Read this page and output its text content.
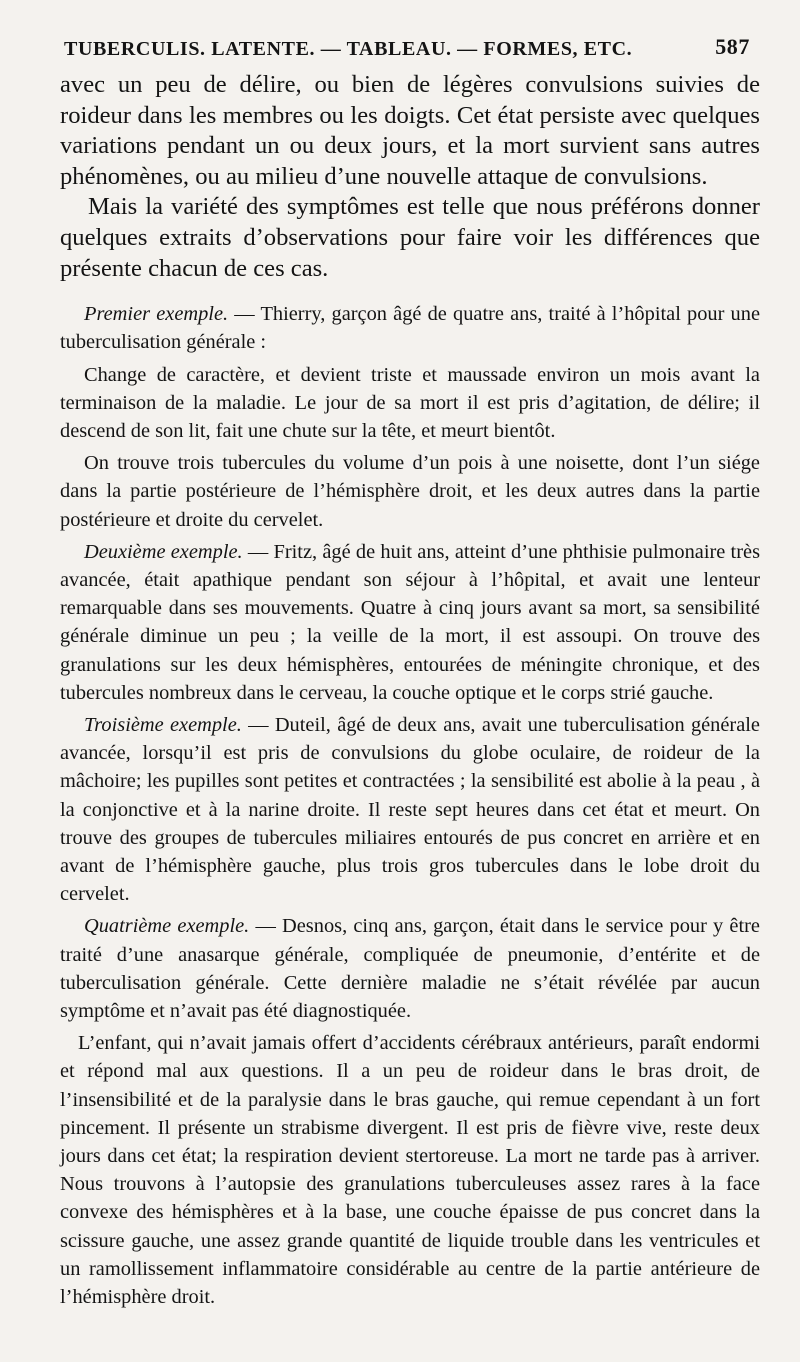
TUBERCULIS. LATENTE. — TABLEAU. — FORMES, ETC.	587

avec un peu de délire, ou bien de légères convulsions suivies de roideur dans les membres ou les doigts. Cet état persiste avec quelques variations pendant un ou deux jours, et la mort survient sans autres phénomènes, ou au milieu d’une nouvelle attaque de convulsions.

Mais la variété des symptômes est telle que nous préférons donner quelques extraits d’observations pour faire voir les différences que présente chacun de ces cas.

Premier exemple. — Thierry, garçon âgé de quatre ans, traité à l’hôpital pour une tuberculisation générale :

Change de caractère, et devient triste et maussade environ un mois avant la terminaison de la maladie. Le jour de sa mort il est pris d’agitation, de délire; il descend de son lit, fait une chute sur la tête, et meurt bientôt.

On trouve trois tubercules du volume d’un pois à une noisette, dont l’un siége dans la partie postérieure de l’hémisphère droit, et les deux autres dans la partie postérieure et droite du cervelet.

Deuxième exemple. — Fritz, âgé de huit ans, atteint d’une phthisie pulmonaire très avancée, était apathique pendant son séjour à l’hôpital, et avait une lenteur remarquable dans ses mouvements. Quatre à cinq jours avant sa mort, sa sensibilité générale diminue un peu ; la veille de la mort, il est assoupi. On trouve des granulations sur les deux hémisphères, entourées de méningite chronique, et des tubercules nombreux dans le cerveau, la couche optique et le corps strié gauche.

Troisième exemple. — Duteil, âgé de deux ans, avait une tuberculisation générale avancée, lorsqu’il est pris de convulsions du globe oculaire, de roideur de la mâchoire; les pupilles sont petites et contractées ; la sensibilité est abolie à la peau , à la conjonctive et à la narine droite. Il reste sept heures dans cet état et meurt. On trouve des groupes de tubercules miliaires entourés de pus concret en arrière et en avant de l’hémisphère gauche, plus trois gros tubercules dans le lobe droit du cervelet.

Quatrième exemple. — Desnos, cinq ans, garçon, était dans le service pour y être traité d’une anasarque générale, compliquée de pneumonie, d’entérite et de tuberculisation générale. Cette dernière maladie ne s’était révélée par aucun symptôme et n’avait pas été diagnostiquée.

L’enfant, qui n’avait jamais offert d’accidents cérébraux antérieurs, paraît endormi et répond mal aux questions. Il a un peu de roideur dans le bras droit, de l’insensibilité et de la paralysie dans le bras gauche, qui remue cependant à un fort pincement. Il présente un strabisme divergent. Il est pris de fièvre vive, reste deux jours dans cet état; la respiration devient stertoreuse. La mort ne tarde pas à arriver. Nous trouvons à l’autopsie des granulations tuberculeuses assez rares à la face convexe des hémisphères et à la base, une couche épaisse de pus concret dans la scissure gauche, une assez grande quantité de liquide trouble dans les ventricules et un ramollissement inflammatoire considérable au centre de la partie antérieure de l’hémisphère droit.
